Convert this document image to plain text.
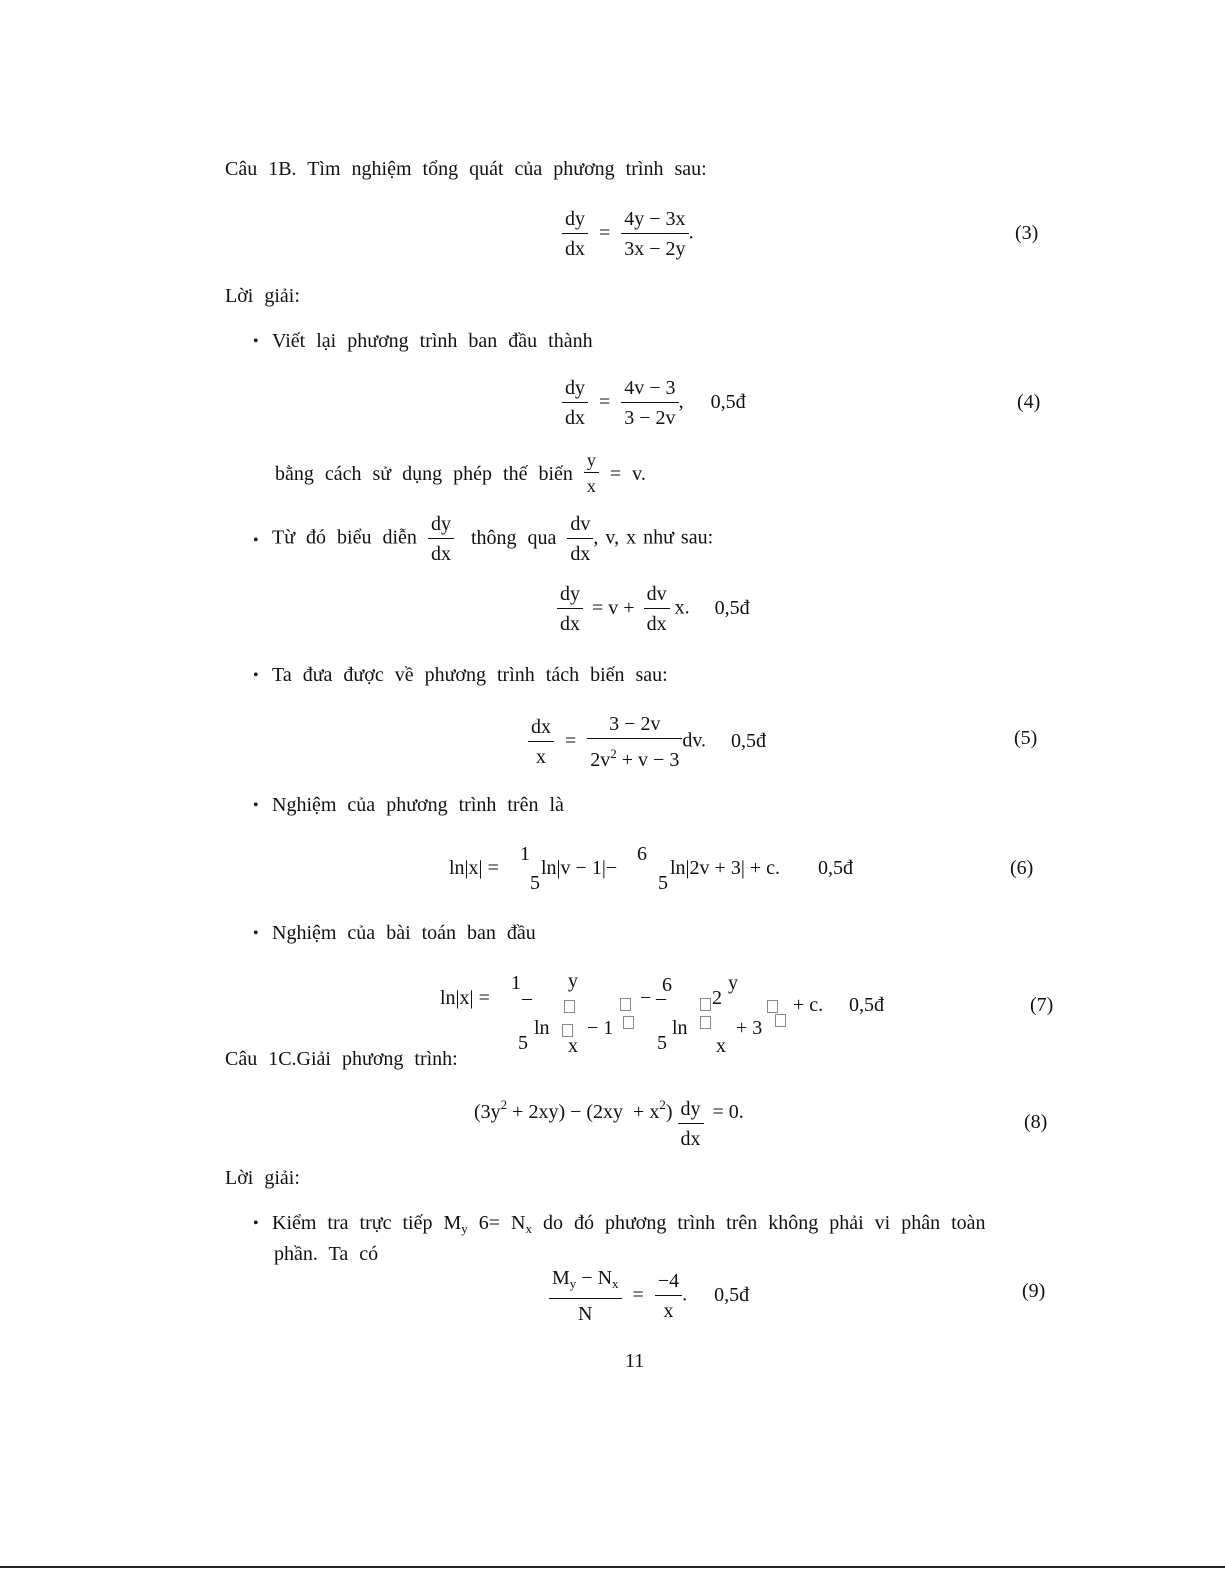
Câu 1B. Tìm nghiệm tổng quát của phương trình sau:
$\frac{dy}{dx} = \frac{4y - 3x}{3x - 2y}$ .	(3)
Lời giải:
• Viết lại phương trình ban đầu thành
$\frac{dy}{dx} = \frac{4v - 3}{3 - 2v}$ , 0,5đ	(4)
bằng cách sử dụng phép thế biến $\frac{y}{x} = v$.
• Từ đó biểu diễn $\frac{dy}{dx}$ thông qua $\frac{dv}{dx}$ , v, x như sau:
$\frac{dy}{dx} = v + \frac{dv}{dx} x$. 0,5đ
• Ta đưa được về phương trình tách biến sau:
$\frac{dx}{x} = \frac{3 - 2v}{2v^2 + v - 3}$ dv. 0,5đ	(5)
• Nghiệm của phương trình trên là
ln|x| =
1
5
ln|v − 1|−
6
5
ln|2v + 3| + c. 0,5đ	(6)
• Nghiệm của bài toán ban đầu
ln|x| =
1
–
y
− –
6
2
y
+ c. 0,5đ	(7)
5
ln
x
− 1
5
ln
x
+ 3
Câu 1C.Giải phương trình:
$(3y^2 + 2xy) - (2xy + x^2) \frac{dy}{dx} = 0$.	(8)
Lời giải:
• Kiểm tra trực tiếp $M_y$ $6= N_x$ do đó phương trình trên không phải vi phân toàn
phần. Ta có
$\frac{M_y - N_x}{N} = \frac{-4}{x}$ . 0,5đ	(9)
11
